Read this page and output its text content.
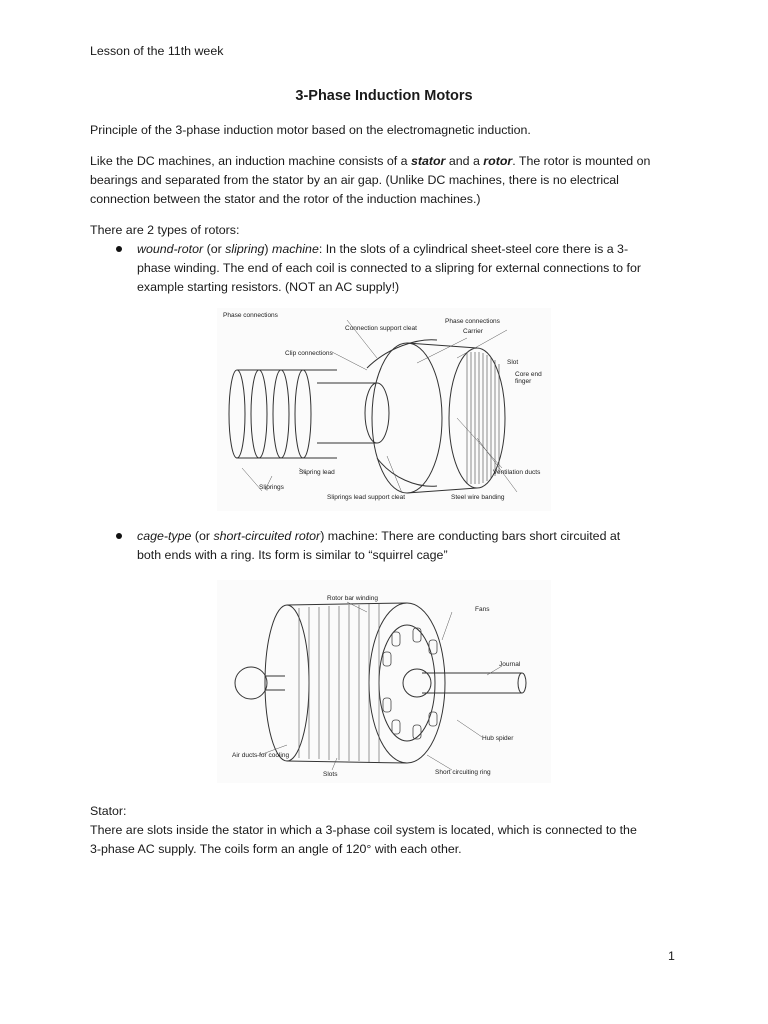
Lesson of the 11th week
3-Phase Induction Motors
Principle of the 3-phase induction motor based on the electromagnetic induction.
Like the DC machines, an induction machine consists of a stator and a rotor. The rotor is mounted on
bearings and separated from the stator by an air gap. (Unlike DC machines, there is no electrical
connection between the stator and the rotor of the induction machines.)
There are 2 types of rotors:
wound-rotor (or slipring) machine: In the slots of a cylindrical sheet-steel core there is a 3-
phase winding. The end of each coil is connected to a slipring for external connections to for
example starting resistors. (NOT an AC supply!)
Phase connections
Connection support cleat
Phase connections
Carrier
Clip connections
Slot
Core end
finger
Slipring lead	Ventilation ducts
Sliprings
Sliprings lead support cleat	Steel wire banding
cage-type (or short-circuited rotor) machine: There are conducting bars short circuited at
both ends with a ring. Its form is similar to “squirrel cage”
Rotor bar winding
Fans
Journal
Hub spider
Air ducts for cooling
Slots	Short circuiting ring
Stator:
There are slots inside the stator in which a 3-phase coil system is located, which is connected to the
3-phase AC supply. The coils form an angle of 120° with each other.
1
